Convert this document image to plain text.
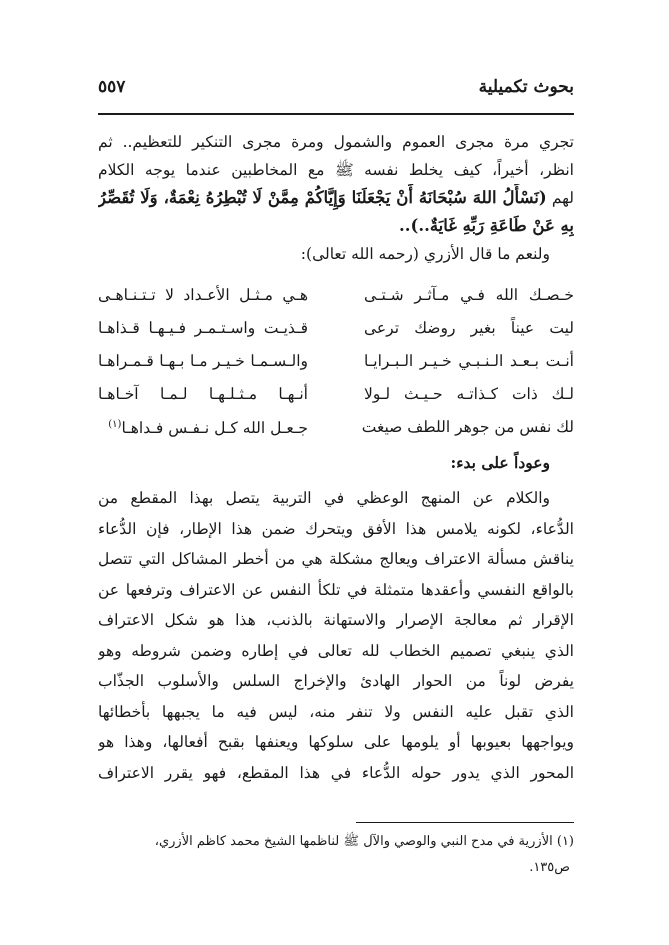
بحوث تكميلية
٥٥٧

تجري مرة مجرى العموم والشمول ومرة مجرى التنكير للتعظيم.. ثم
انظر، أخيراً، كيف يخلط نفسه ﷺ مع المخاطبين عندما يوجه الكلام
لهم (نَسْأَلُ اللهَ سُبْحَانَهُ أَنْ يَجْعَلَنَا وَإِيَّاكُمْ مِمَّنْ لَا تُبْطِرُهُ نِعْمَةٌ، وَلَا تُقَصِّرُ
بِهِ عَنْ طَاعَةِ رَبِّهِ غَايَةٌ..)..
ولنعم ما قال الأزري (رحمه الله تعالى):

خـصـك الله فـي مـآثـر شـتـى
هـي مـثـل الأعـداد لا تـتـنـاهـى
ليت عيناً بغير روضك ترعى
قـذيـت واسـتـمـر فـيـهـا قـذاهـا
أنـت بـعـد الـنـبـي خـيـر الـبـرايـا
والـسـمـا خـيـر مـا بـهـا قـمـراهـا
لـك ذات كـذاتـه حـيـث لـولا
أنـهـا مـثـلـهـا لـمـا آخـاهـا
لك نفس من جوهر اللطف صيغت
جـعـل الله كـل نـفـس فـداهـا$^{(١)}$

وعوداً على بدء:

والكلام عن المنهج الوعظي في التربية يتصل بهذا المقطع من
الدُّعاء، لكونه يلامس هذا الأفق ويتحرك ضمن هذا الإطار، فإن الدُّعاء
يناقش مسألة الاعتراف ويعالج مشكلة هي من أخطر المشاكل التي تتصل
بالواقع النفسي وأعقدها متمثلة في تلكأ النفس عن الاعتراف وترفعها عن
الإقرار ثم معالجة الإصرار والاستهانة بالذنب، هذا هو شكل الاعتراف
الذي ينبغي تصميم الخطاب لله تعالى في إطاره وضمن شروطه وهو
يفرض لوناً من الحوار الهادئ والإخراج السلس والأسلوب الجذّاب
الذي تقبل عليه النفس ولا تنفر منه، ليس فيه ما يجبهها بأخطائها
ويواجهها بعيوبها أو يلومها على سلوكها ويعنفها بقبح أفعالها، وهذا هو
المحور الذي يدور حوله الدُّعاء في هذا المقطع، فهو يقرر الاعتراف

(١) الأزرية في مدح النبي والوصي والآل ﷺ لناظمها الشيخ محمد كاظم الأزري،
ص١٣٥.
